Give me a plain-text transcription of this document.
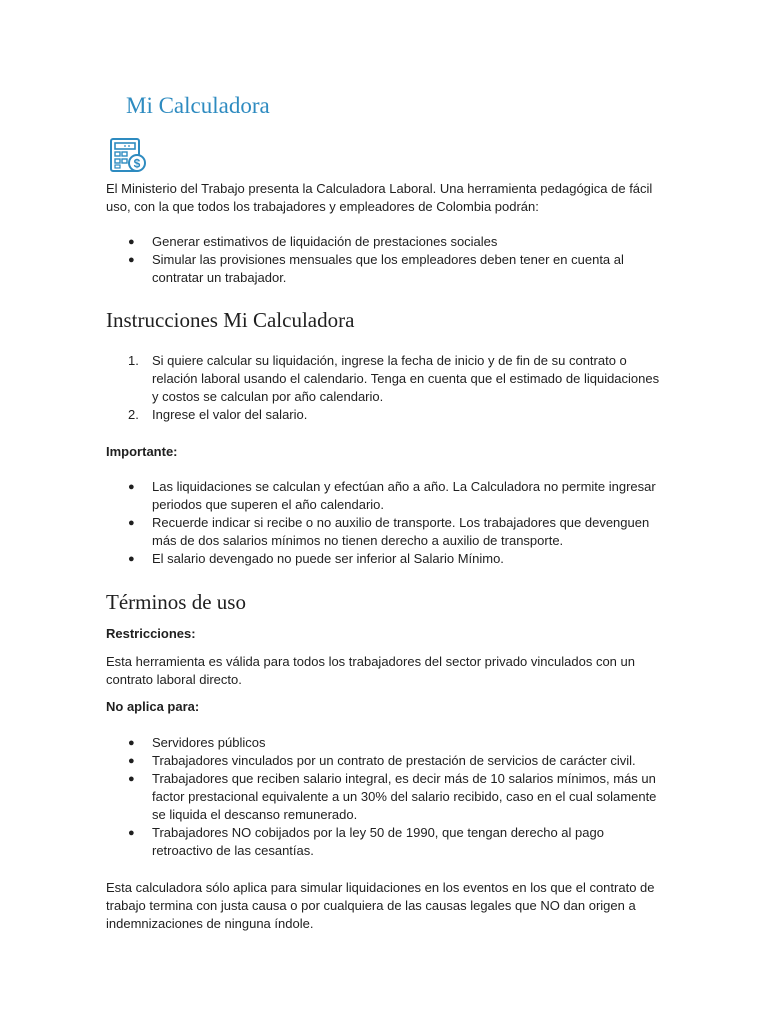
Mi Calculadora
$

El Ministerio del Trabajo presenta la Calculadora Laboral. Una herramienta pedagógica de fácil uso, con la que todos los trabajadores y empleadores de Colombia podrán:

●	Generar estimativos de liquidación de prestaciones sociales
●	Simular las provisiones mensuales que los empleadores deben tener en cuenta al contratar un trabajador.
Instrucciones Mi Calculadora
1.	Si quiere calcular su liquidación, ingrese la fecha de inicio y de fin de su contrato o relación laboral usando el calendario. Tenga en cuenta que el estimado de liquidaciones y costos se calculan por año calendario.
2.	Ingrese el valor del salario.

Importante:

●	Las liquidaciones se calculan y efectúan año a año. La Calculadora no permite ingresar periodos que superen el año calendario.
●	Recuerde indicar si recibe o no auxilio de transporte. Los trabajadores que devenguen más de dos salarios mínimos no tienen derecho a auxilio de transporte.
●	El salario devengado no puede ser inferior al Salario Mínimo.
Términos de uso

Restricciones:

Esta herramienta es válida para todos los trabajadores del sector privado vinculados con un contrato laboral directo.

No aplica para:

●	Servidores públicos
●	Trabajadores vinculados por un contrato de prestación de servicios de carácter civil.
●	Trabajadores que reciben salario integral, es decir más de 10 salarios mínimos, más un factor prestacional equivalente a un 30% del salario recibido, caso en el cual solamente se liquida el descanso remunerado.
●	Trabajadores NO cobijados por la ley 50 de 1990, que tengan derecho al pago retroactivo de las cesantías.

Esta calculadora sólo aplica para simular liquidaciones en los eventos en los que el contrato de trabajo termina con justa causa o por cualquiera de las causas legales que NO dan origen a indemnizaciones de ninguna índole.
